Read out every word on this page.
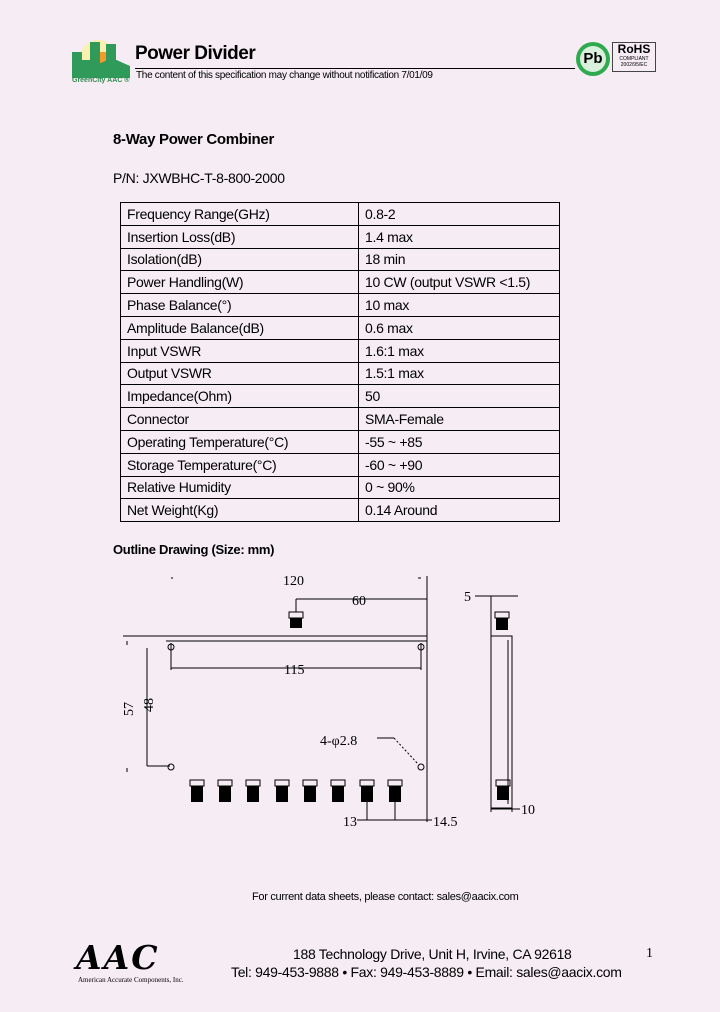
GreenCity AAC ®
Power Divider
The content of this specification may change without notification 7/01/09
Pb
RoHS
COMPLIANT
2002/95/EC
8-Way Power Combiner
P/N: JXWBHC-T-8-800-2000
Frequency Range(GHz)	0.8-2
Insertion Loss(dB)	1.4 max
Isolation(dB)	18 min
Power Handling(W)	10 CW (output VSWR <1.5)
Phase Balance(°)	10 max
Amplitude Balance(dB)	0.6 max
Input VSWR	1.6:1 max
Output VSWR	1.5:1 max
Impedance(Ohm)	50
Connector	SMA-Female
Operating Temperature(°C)	-55 ~ +85
Storage Temperature(°C)	-60 ~ +90
Relative Humidity	0 ~ 90%
Net Weight(Kg)	0.14 Around
Outline Drawing (Size: mm)
120
60
115
57 48
4-φ2.8
13	14.5
5
10
For current data sheets, please contact: sales@aacix.com
AAC
American Accurate Components, Inc.
188 Technology Drive, Unit H, Irvine, CA 92618
Tel: 949-453-9888 • Fax: 949-453-8889 • Email: sales@aacix.com
1
